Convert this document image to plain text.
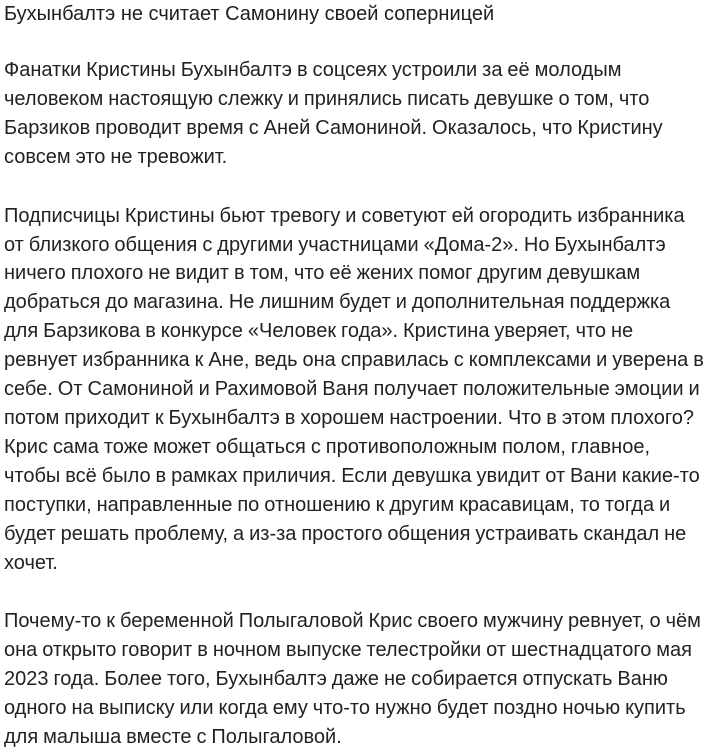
Бухынбалтэ не считает Самонину своей соперницей

Фанатки Кристины Бухынбалтэ в соцсеях устроили за её молодым человеком настоящую слежку и принялись писать девушке о том, что Барзиков проводит время с Аней Самониной. Оказалось, что Кристину совсем это не тревожит.

Подписчицы Кристины бьют тревогу и советуют ей огородить избранника от близкого общения с другими участницами «Дома-2». Но Бухынбалтэ ничего плохого не видит в том, что её жених помог другим девушкам добраться до магазина. Не лишним будет и дополнительная поддержка для Барзикова в конкурсе «Человек года». Кристина уверяет, что не ревнует избранника к Ане, ведь она справилась с комплексами и уверена в себе. От Самониной и Рахимовой Ваня получает положительные эмоции и потом приходит к Бухынбалтэ в хорошем настроении. Что в этом плохого? Крис сама тоже может общаться с противоположным полом, главное, чтобы всё было в рамках приличия. Если девушка увидит от Вани какие-то поступки, направленные по отношению к другим красавицам, то тогда и будет решать проблему, а из-за простого общения устраивать скандал не хочет.

Почему-то к беременной Полыгаловой Крис своего мужчину ревнует, о чём она открыто говорит в ночном выпуске телестройки от шестнадцатого мая 2023 года. Более того, Бухынбалтэ даже не собирается отпускать Ваню одного на выписку или когда ему что-то нужно будет поздно ночью купить для малыша вместе с Полыгаловой.
